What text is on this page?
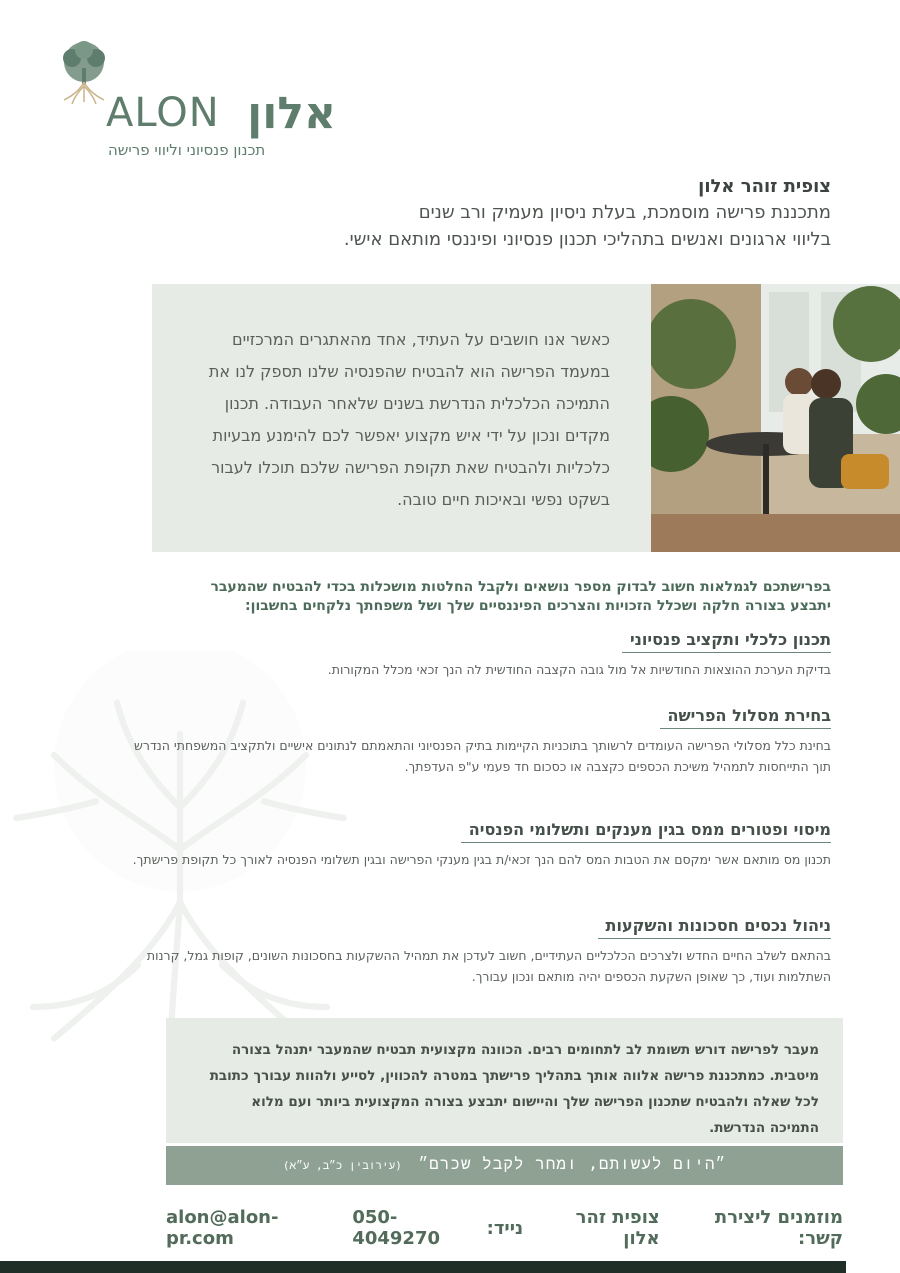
ALON אלון
תכנון פנסיוני וליווי פרישה
צופית זוהר אלון
מתכננת פרישה מוסמכת, בעלת ניסיון מעמיק ורב שנים
בליווי ארגונים ואנשים בתהליכי תכנון פנסיוני ופיננסי מותאם אישי.
כאשר אנו חושבים על העתיד, אחד מהאתגרים המרכזיים במעמד הפרישה הוא להבטיח שהפנסיה שלנו תספק לנו את התמיכה הכלכלית הנדרשת בשנים שלאחר העבודה. תכנון מקדים ונכון על ידי איש מקצוע יאפשר לכם להימנע מבעיות כלכליות ולהבטיח שאת תקופת הפרישה שלכם תוכלו לעבור בשקט נפשי ובאיכות חיים טובה.
בפרישתכם לגמלאות חשוב לבדוק מספר נושאים ולקבל החלטות מושכלות בכדי להבטיח שהמעבר
יתבצע בצורה חלקה ושכלל הזכויות והצרכים הפיננסיים שלך ושל משפחתך נלקחים בחשבון:
תכנון כלכלי ותקציב פנסיוני
בדיקת הערכת ההוצאות החודשיות אל מול גובה הקצבה החודשית לה הנך זכאי מכלל המקורות.
בחירת מסלול הפרישה
בחינת כלל מסלולי הפרישה העומדים לרשותך בתוכניות הקיימות בתיק הפנסיוני והתאמתם לנתונים אישיים ולתקציב המשפחתי הנדרש תוך התייחסות לתמהיל משיכת הכספים כקצבה או כסכום חד פעמי ע"פ העדפתך.
מיסוי ופטורים ממס בגין מענקים ותשלומי הפנסיה
תכנון מס מותאם אשר ימקסם את הטבות המס להם הנך זכאי/ת בגין מענקי הפרישה ובגין תשלומי הפנסיה לאורך כל תקופת פרישתך.
ניהול נכסים חסכונות והשקעות
בהתאם לשלב החיים החדש ולצרכים הכלכליים העתידיים, חשוב לעדכן את תמהיל ההשקעות בחסכונות השונים, קופות גמל, קרנות השתלמות ועוד, כך שאופן השקעת הכספים יהיה מותאם ונכון עבורך.
מעבר לפרישה דורש תשומת לב לתחומים רבים. הכוונה מקצועית תבטיח שהמעבר יתנהל בצורה מיטבית. כמתכננת פרישה אלווה אותך בתהליך פרישתך במטרה להכווין, לסייע ולהוות עבורך כתובת לכל שאלה ולהבטיח שתכנון הפרישה שלך והיישום יתבצע בצורה המקצועית ביותר ועם מלוא התמיכה הנדרשת.
״היום לעשותם, ומחר לקבל שכרם״ (עירובין כ״ב, ע״א)
מוזמנים ליצירת קשר:
צופית זהר אלון
נייד:
050-4049270
alon@alon-pr.com
